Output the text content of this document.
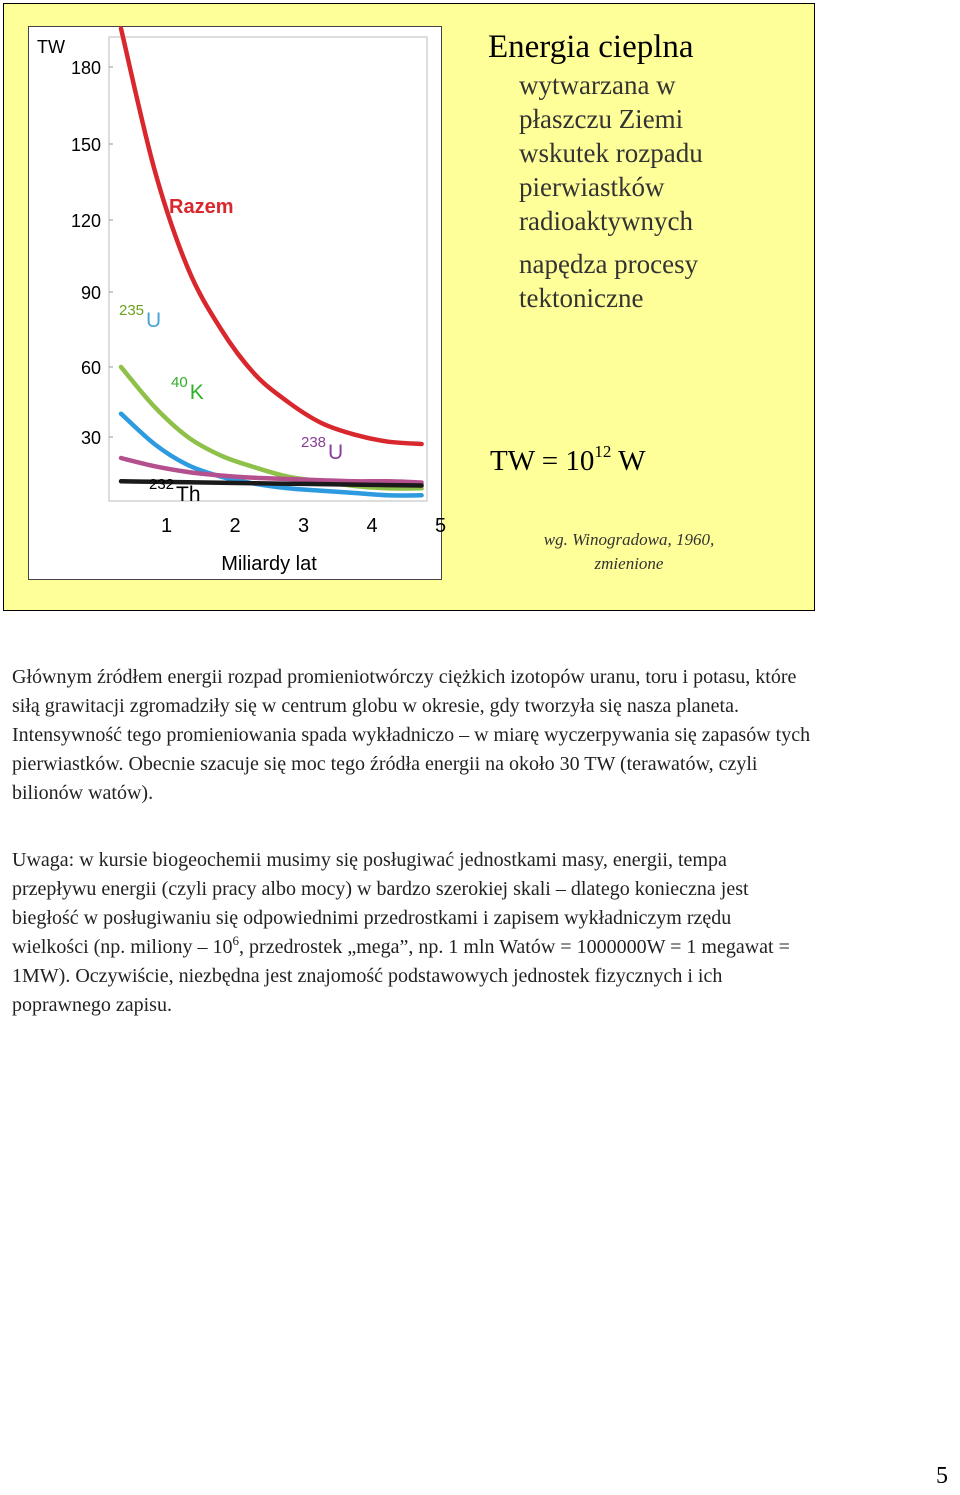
30
60
90
120
150
180
1	2	3	4	5
Razem
235U
40K
238U
232Th
TW
Miliardy lat
Energia cieplna
wytwarzana w
płaszczu Ziemi
wskutek rozpadu
pierwiastków
radioaktywnych
napędza procesy
tektoniczne
TW = $10^{12}$ W
wg. Winogradowa, 1960,
zmienione

Głównym źródłem energii rozpad promieniotwórczy ciężkich izotopów uranu, toru i potasu, które siłą grawitacji zgromadziły się w centrum globu w okresie, gdy tworzyła się nasza planeta. Intensywność tego promieniowania spada wykładniczo – w miarę wyczerpywania się zapasów tych pierwiastków. Obecnie szacuje się moc tego źródła energii na około 30 TW (terawatów, czyli bilionów watów).

Uwaga: w kursie biogeochemii musimy się posługiwać jednostkami masy, energii, tempa przepływu energii (czyli pracy albo mocy) w bardzo szerokiej skali – dlatego konieczna jest biegłość w posługiwaniu się odpowiednimi przedrostkami i zapisem wykładniczym rzędu wielkości (np. miliony – $10^6$, przedrostek „mega”, np. 1 mln Watów = 1000000W = 1 megawat = 1MW). Oczywiście, niezbędna jest znajomość podstawowych jednostek fizycznych i ich poprawnego zapisu.

5
